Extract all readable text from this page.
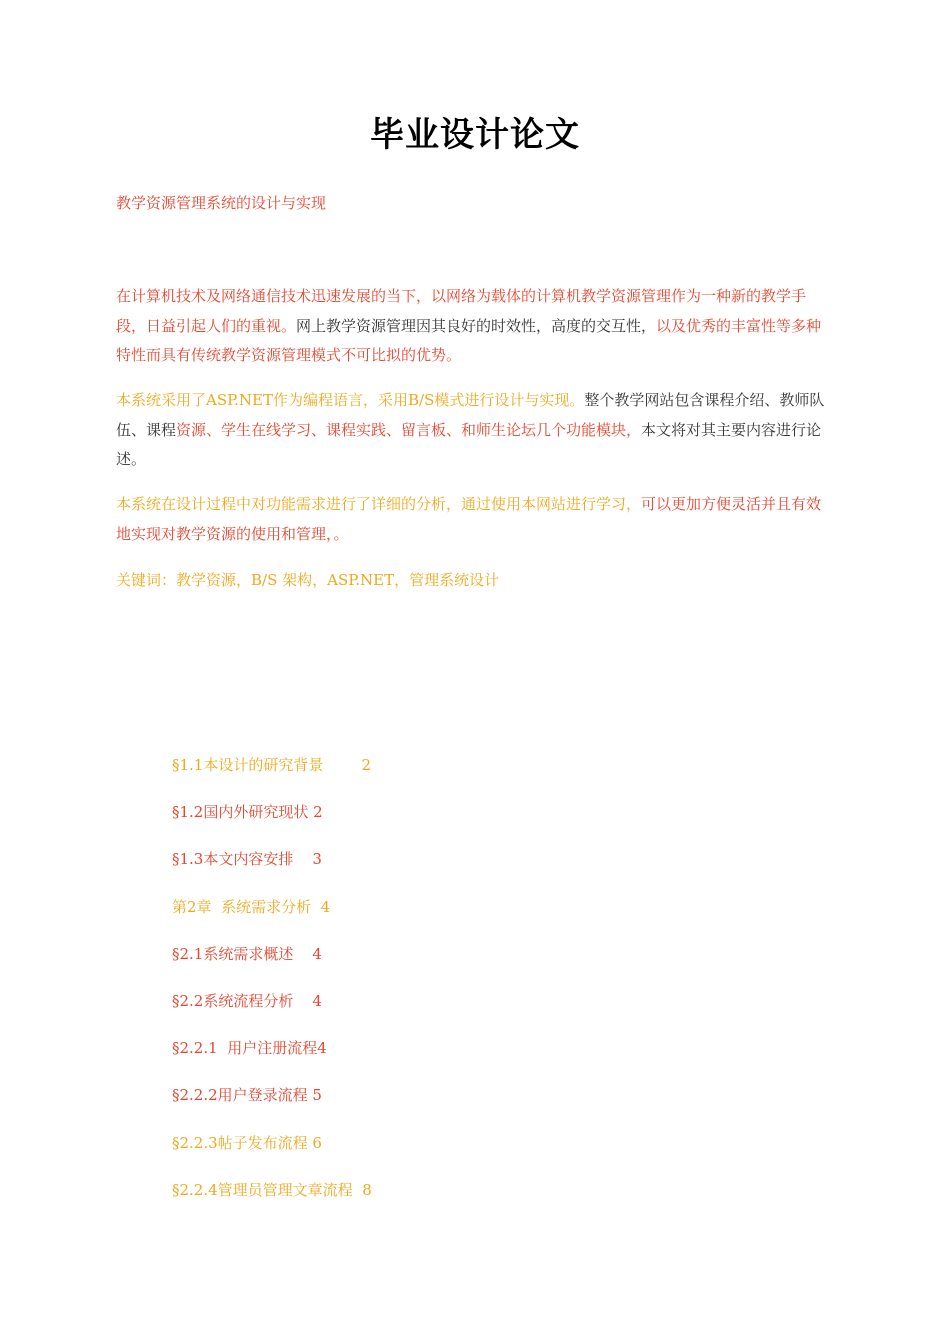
毕业设计论文
教学资源管理系统的设计与实现
在计算机技术及网络通信技术迅速发展的当下，以网络为载体的计算机教学资源管理作为一种新的教学手段，日益引起人们的重视。网上教学资源管理因其良好的时效性，高度的交互性，以及优秀的丰富性等多种特性而具有传统教学资源管理模式不可比拟的优势。
本系统采用了ASP.NET作为编程语言，采用B/S模式进行设计与实现。整个教学网站包含课程介绍、教师队伍、课程资源、学生在线学习、课程实践、留言板、和师生论坛几个功能模块，本文将对其主要内容进行论述。
本系统在设计过程中对功能需求进行了详细的分析，通过使用本网站进行学习，可以更加方便灵活并且有效地实现对教学资源的使用和管理，。
关键词：教学资源，B/S 架构，ASP.NET，管理系统设计
§1.1本设计的研究背景        2
§1.2国内外研究现状 2
§1.3本文内容安排    3
第2章  系统需求分析  4
§2.1系统需求概述    4
§2.2系统流程分析    4
§2.2.1  用户注册流程4
§2.2.2用户登录流程 5
§2.2.3帖子发布流程 6
§2.2.4管理员管理文章流程  8
